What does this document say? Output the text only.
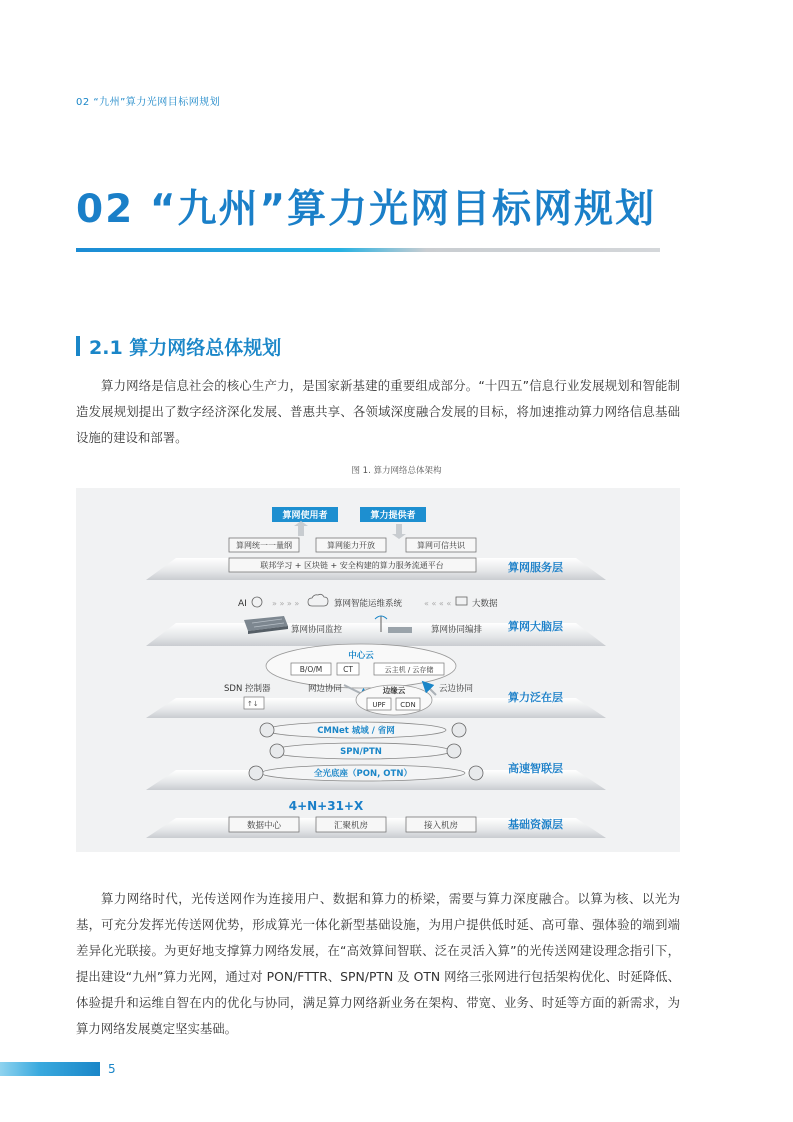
02 “九州”算力光网目标网规划
02 “九州”算力光网目标网规划
2.1 算力网络总体规划

算力网络是信息社会的核心生产力，是国家新基建的重要组成部分。“十四五”信息行业发展规划和智能制造发展规划提出了数字经济深化发展、普惠共享、各领域深度融合发展的目标，将加速推动算力网络信息基础设施的建设和部署。

图 1. 算力网络总体架构
算网使用者	算力提供者
算网统一一量纲	算网能力开放	算网可信共识
联邦学习 + 区块链 + 安全构建的算力服务流通平台	算网服务层
AI	» » » »	算网智能运维系统	« « « « 大数据
算网协同监控	算网协同编排 算网大脑层
中心云
B/O/M	CT	云主机 / 云存储
SDN 控制器
↑↓
网边协同	边缘云
UPF CDN
云边协同
算力泛在层
CMNet 城域 / 省网
SPN/PTN
全光底座（PON, OTN）	高速智联层
4+N+31+X
数据中心	汇聚机房	接入机房	基础资源层

算力网络时代，光传送网作为连接用户、数据和算力的桥梁，需要与算力深度融合。以算为核、以光为基，可充分发挥光传送网优势，形成算光一体化新型基础设施，为用户提供低时延、高可靠、强体验的端到端差异化光联接。为更好地支撑算力网络发展，在“高效算间智联、泛在灵活入算”的光传送网建设理念指引下，提出建设“九州”算力光网，通过对 PON/FTTR、SPN/PTN 及 OTN 网络三张网进行包括架构优化、时延降低、体验提升和运维自智在内的优化与协同，满足算力网络新业务在架构、带宽、业务、时延等方面的新需求，为算力网络发展奠定坚实基础。

5
